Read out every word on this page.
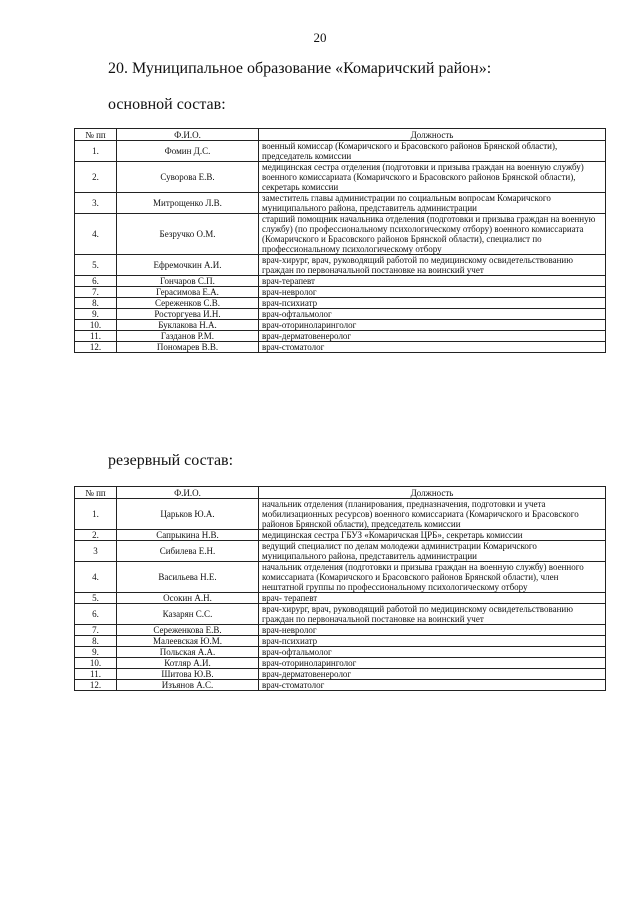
20
20. Муниципальное образование «Комаричский район»:
основной состав:
№ пп	Ф.И.О.	Должность
1.	Фомин Д.С.	военный комиссар (Комаричского и Брасовского районов Брянской области), председатель комиссии
2.	Суворова Е.В.	медицинская сестра отделения (подготовки и призыва граждан на военную службу) военного комиссариата (Комаричского и Брасовского районов Брянской области), секретарь комиссии
3.	Митрощенко Л.В.	заместитель главы администрации по социальным вопросам Комаричского муниципального района, представитель администрации
4.	Безручко О.М.	старший помощник начальника отделения (подготовки и призыва граждан на военную службу) (по профессиональному психологическому отбору) военного комиссариата (Комаричского и Брасовского районов Брянской области), специалист по профессиональному психологическому отбору
5.	Ефремочкин А.И.	врач-хирург, врач, руководящий работой по медицинскому освидетельствованию граждан по первоначальной постановке на воинский учет
6.	Гончаров С.П.	врач-терапевт
7.	Герасимова Е.А.	врач-невролог
8.	Сереженков С.В.	врач-психиатр
9.	Росторгуева И.Н.	врач-офтальмолог
10.	Буклакова Н.А.	врач-оториноларинголог
11.	Газданов Р.М.	врач-дерматовенеролог
12.	Пономарев В.В.	врач-стоматолог
резервный состав:
№ пп	Ф.И.О.	Должность
1.	Царьков Ю.А.	начальник отделения (планирования, предназначения, подготовки и учета мобилизационных ресурсов) военного комиссариата (Комаричского и Брасовского районов Брянской области), председатель комиссии
2.	Сапрыкина Н.В.	медицинская сестра ГБУЗ «Комаричская ЦРБ», секретарь комиссии
3	Сибилева Е.Н.	ведущий специалист по делам молодежи администрации Комаричского муниципального района, представитель администрации
4.	Васильева Н.Е.	начальник отделения (подготовки и призыва граждан на военную службу) военного комиссариата (Комаричского и Брасовского районов Брянской области), член нештатной группы по профессиональному психологическому отбору
5.	Осокин А.Н.	врач- терапевт
6.	Казарян С.С.	врач-хирург, врач, руководящий работой по медицинскому освидетельствованию граждан по первоначальной постановке на воинский учет
7.	Сереженкова Е.В.	врач-невролог
8.	Малеевская Ю.М.	врач-психиатр
9.	Польская А.А.	врач-офтальмолог
10.	Котляр А.И.	врач-оториноларинголог
11.	Шитова Ю.В.	врач-дерматовенеролог
12.	Изъянов А.С.	врач-стоматолог
